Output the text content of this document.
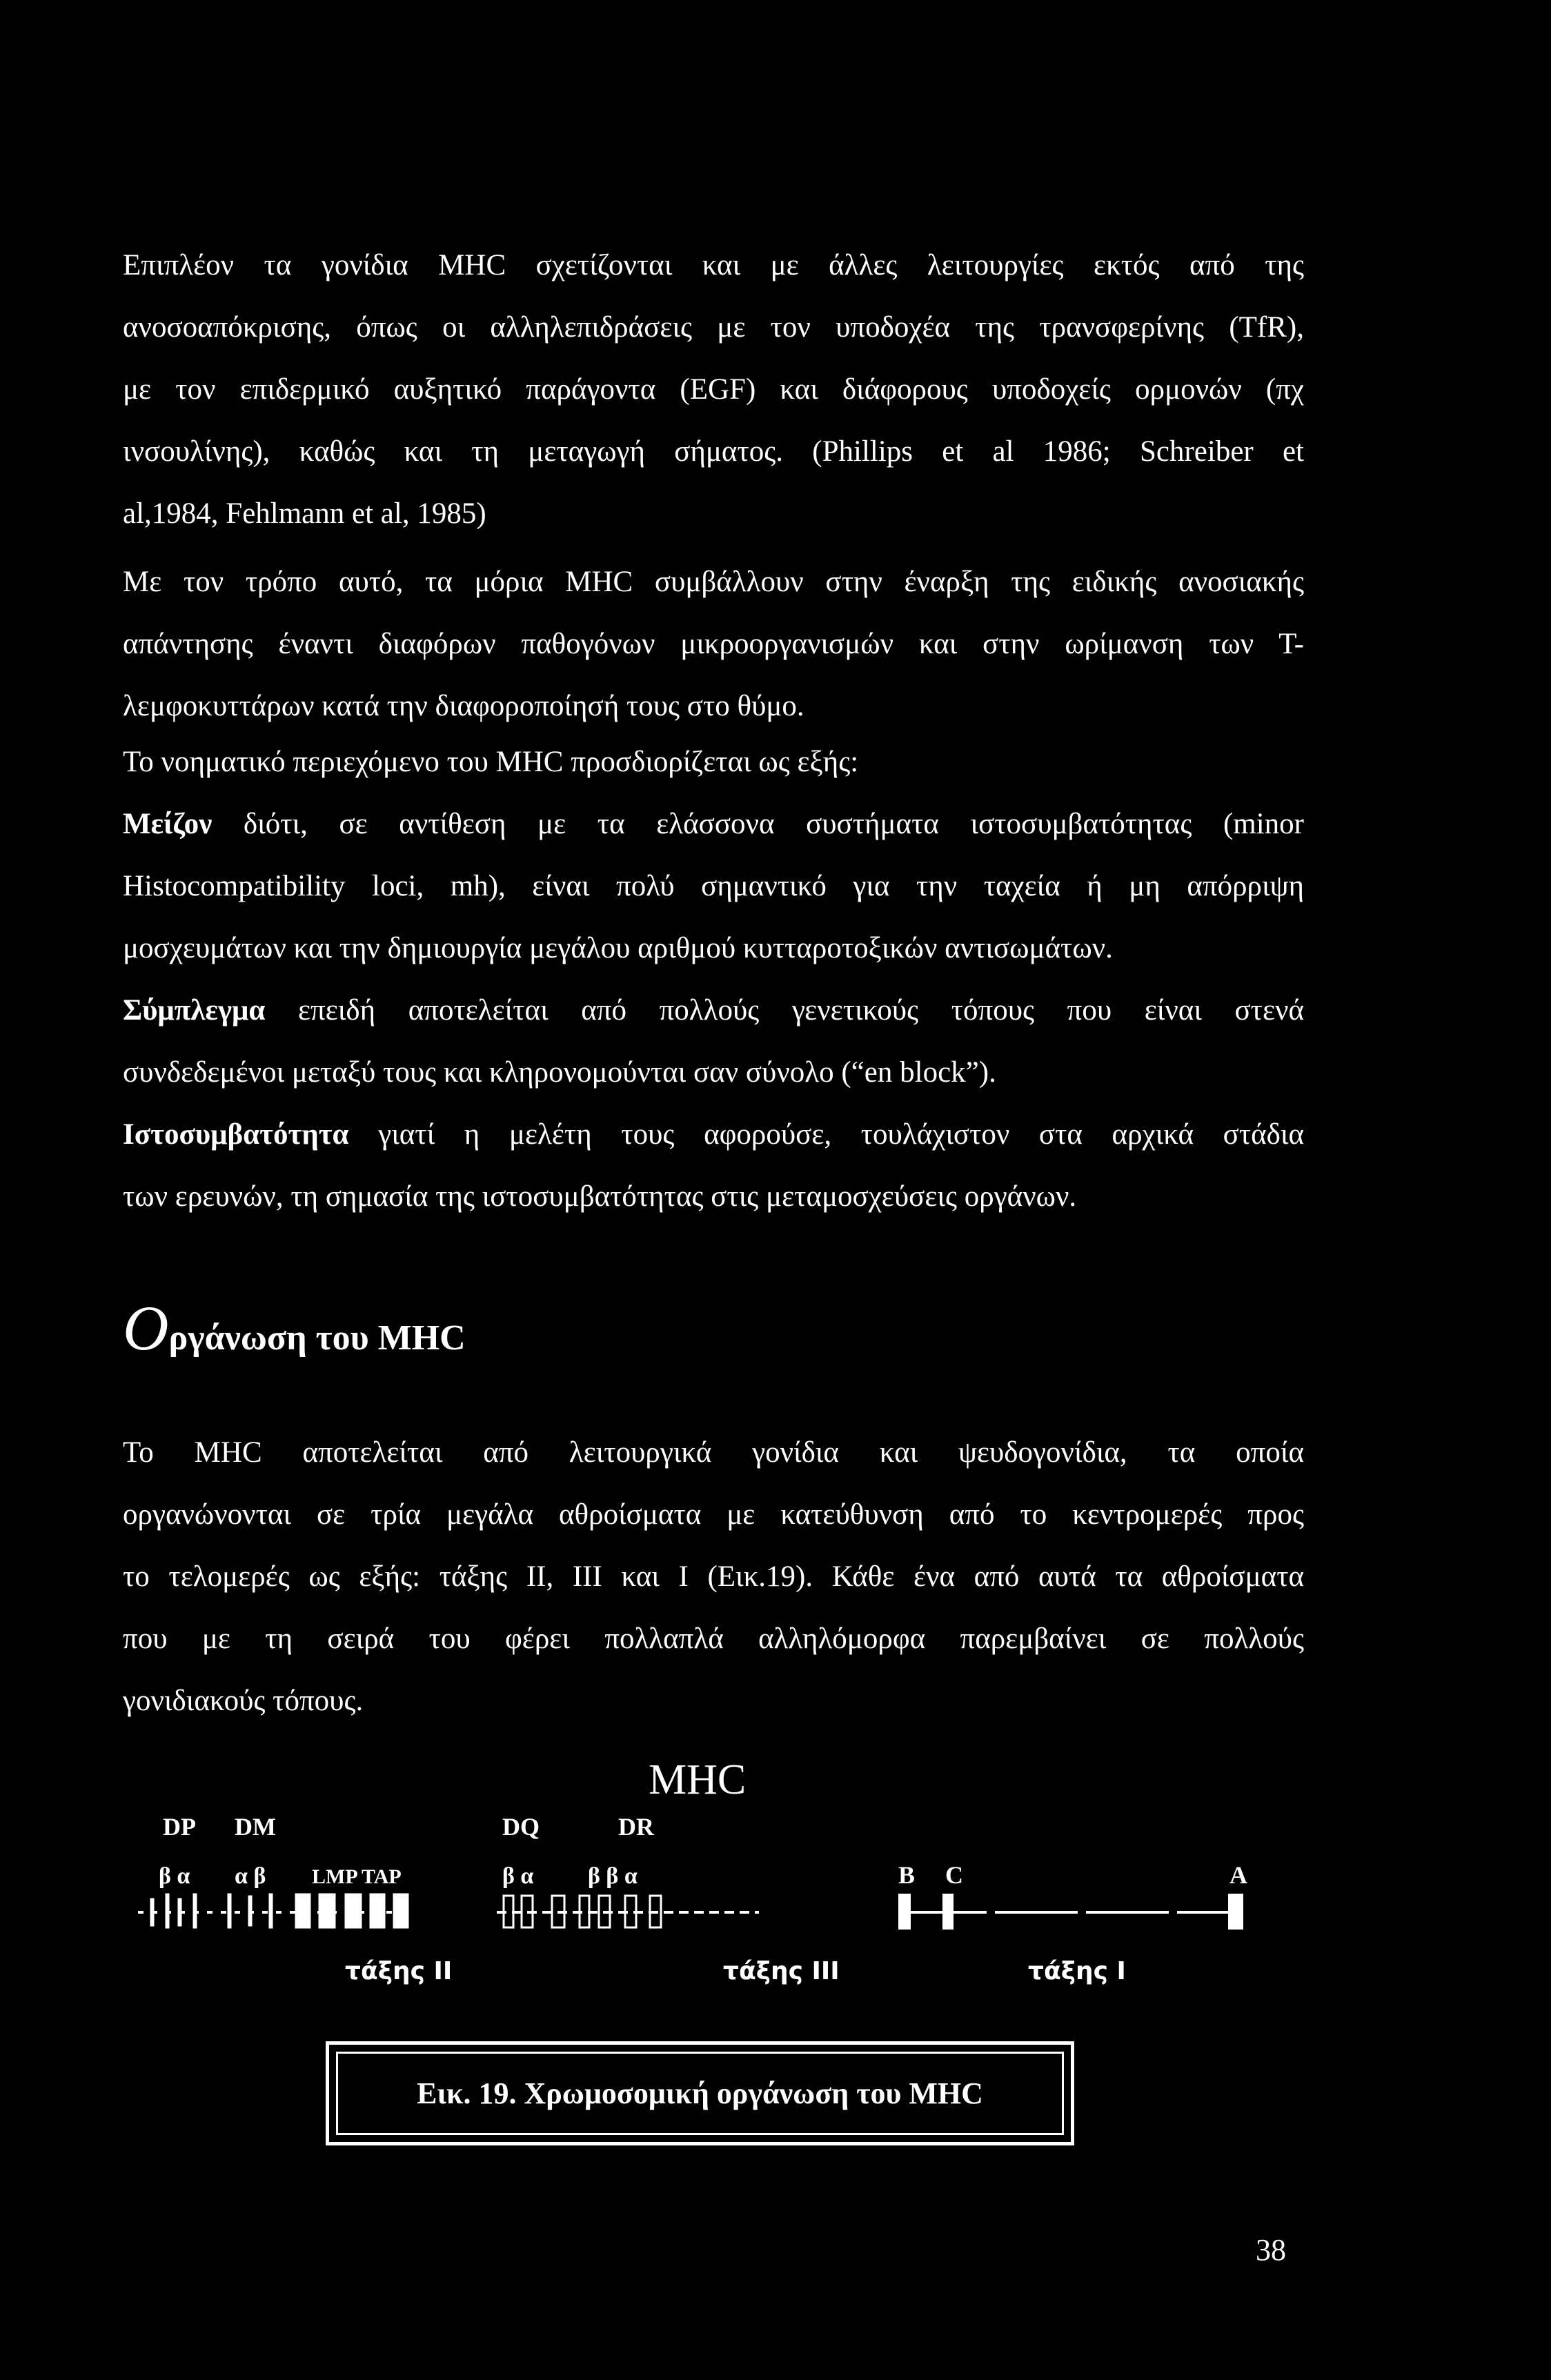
Επιπλέον τα γονίδια MHC σχετίζονται και με άλλες λειτουργίες εκτός από της
ανοσοαπόκρισης, όπως οι αλληλεπιδράσεις με τον υποδοχέα της τρανσφερίνης (TfR),
με τον επιδερμικό αυξητικό παράγοντα (EGF) και διάφορους υποδοχείς ορμονών (πχ
ινσουλίνης), καθώς και τη μεταγωγή σήματος. (Phillips et al 1986; Schreiber et
al,1984, Fehlmann et al, 1985)
Με τον τρόπο αυτό, τα μόρια MHC συμβάλλουν στην έναρξη της ειδικής ανοσιακής
απάντησης έναντι διαφόρων παθογόνων μικροοργανισμών και στην ωρίμανση των Τ-
λεμφοκυττάρων κατά την διαφοροποίησή τους στο θύμο.
Το νοηματικό περιεχόμενο του MHC προσδιορίζεται ως εξής:
Μείζον διότι, σε αντίθεση με τα ελάσσονα συστήματα ιστοσυμβατότητας (minor
Histocompatibility loci, mh), είναι πολύ σημαντικό για την ταχεία ή μη απόρριψη
μοσχευμάτων και την δημιουργία μεγάλου αριθμού κυτταροτοξικών αντισωμάτων.
Σύμπλεγμα επειδή αποτελείται από πολλούς γενετικούς τόπους που είναι στενά
συνδεδεμένοι μεταξύ τους και κληρονομούνται σαν σύνολο (“en block”).
Ιστοσυμβατότητα γιατί η μελέτη τους αφορούσε, τουλάχιστον στα αρχικά στάδια
των ερευνών, τη σημασία της ιστοσυμβατότητας στις μεταμοσχεύσεις οργάνων.
Oργάνωση του MHC
Το MHC αποτελείται από λειτουργικά γονίδια και ψευδογονίδια, τα οποία
οργανώνονται σε τρία μεγάλα αθροίσματα με κατεύθυνση από το κεντρομερές προς
το τελομερές ως εξής: τάξης II, III και I (Εικ.19). Κάθε ένα από αυτά τα αθροίσματα
που με τη σειρά του φέρει πολλαπλά αλληλόμορφα παρεμβαίνει σε πολλούς
γονιδιακούς τόπους.
MHC
DP DM	DQ	DR
β α α β LMP TAP	β α β β α	B C	A
τάξης II	τάξης III	τάξης I
Εικ. 19. Χρωμοσομική οργάνωση του MHC
38
